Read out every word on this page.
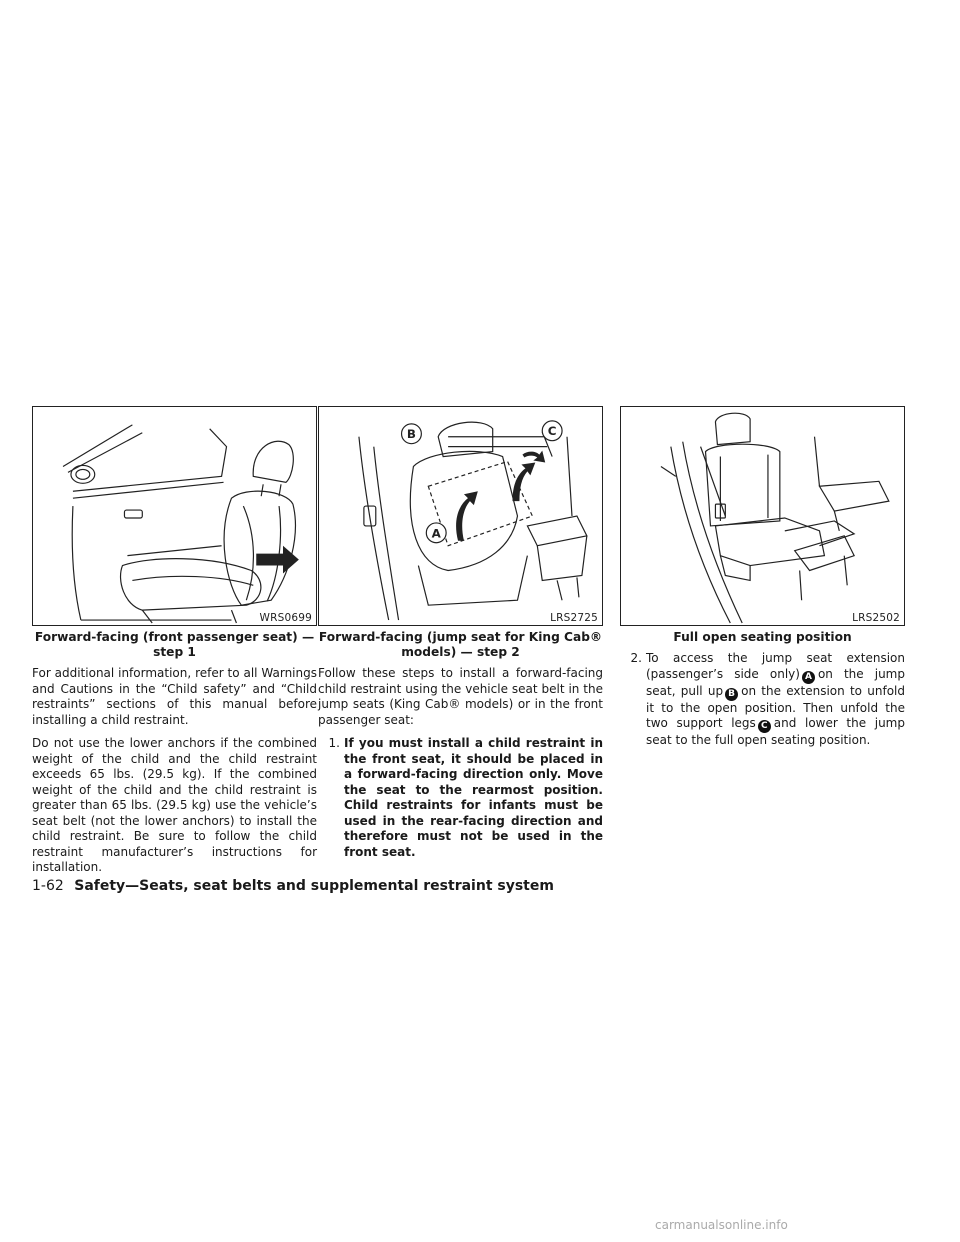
WRS0699
Forward-facing (front passenger seat) —
step 1

For additional information, refer to all Warnings and Cautions in the “Child safety” and “Child restraints” sections of this manual before installing a child restraint.

Do not use the lower anchors if the combined weight of the child and the child restraint exceeds 65 lbs. (29.5 kg). If the combined weight of the child and the child restraint is greater than 65 lbs. (29.5 kg) use the vehicle’s seat belt (not the lower anchors) to install the child restraint. Be sure to follow the child restraint manufacturer’s instructions for installation.

B	C
A
LRS2725
Forward-facing (jump seat for King Cab®
models) — step 2

Follow these steps to install a forward-facing child restraint using the vehicle seat belt in the jump seats (King Cab® models) or in the front passenger seat:

1. If you must install a child restraint in the front seat, it should be placed in a forward-facing direction only. Move the seat to the rearmost position. Child restraints for infants must be used in the rear-facing direction and therefore must not be used in the front seat.
LRS2502
Full open seating position
2. To access the jump seat extension (passenger’s side only) A on the jump seat, pull up B on the extension to unfold it to the open position. Then unfold the two support legs C and lower the jump seat to the full open seating position.
1-62 Safety—Seats, seat belts and supplemental restraint system
carmanualsonline.info
